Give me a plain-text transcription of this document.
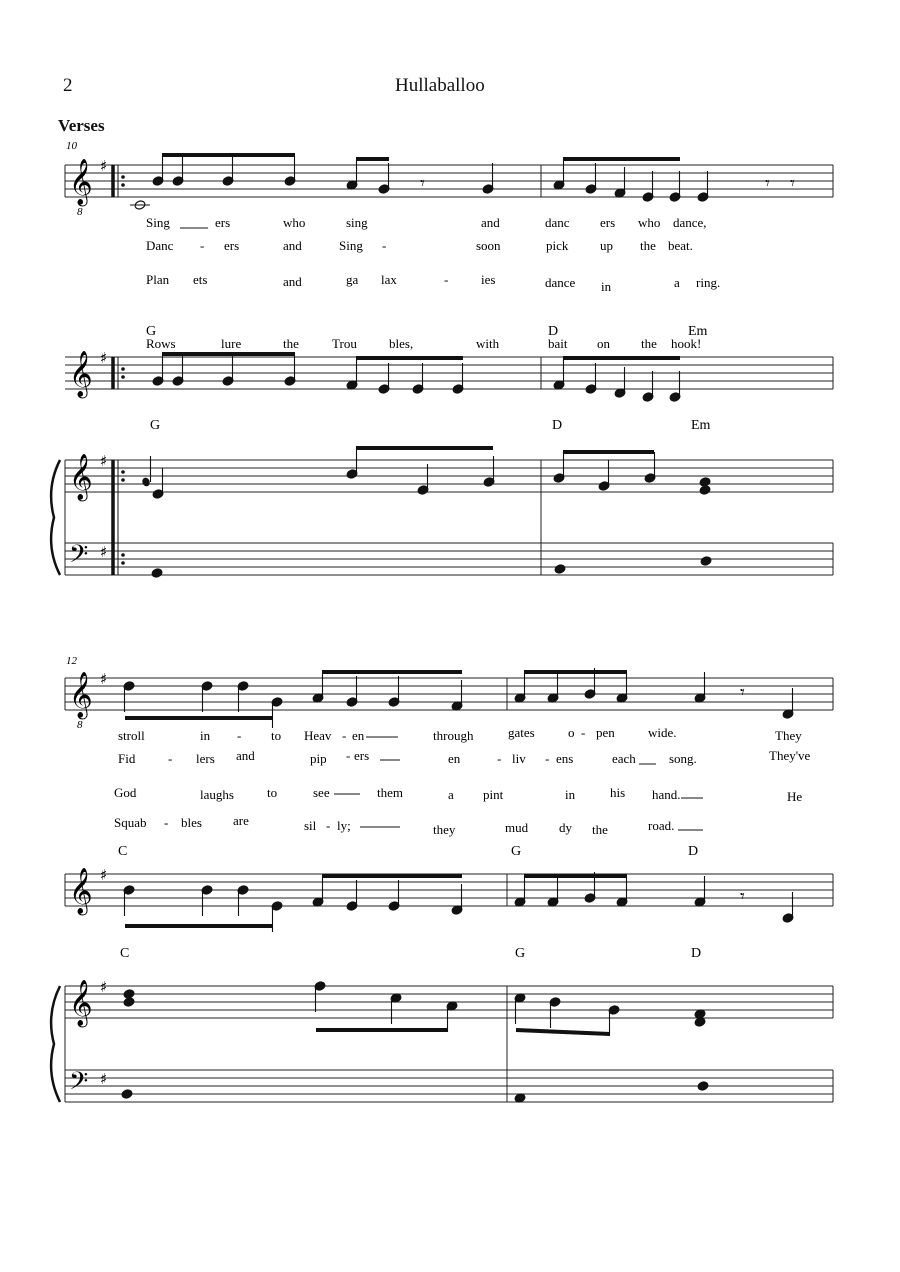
2	Hullaballoo
Verses
10
𝄞
8
𝄞
𝄞
𝄢
♯
♯
♯
♯
𝄾	𝄾 𝄾
Sing	ers	who	sing	and	danc ers who dance,
Danc - ers	and	Sing -	soon	pick up the beat.
Plan ets	and	ga lax	-	ies	dance in	a ring.
Rows	lure	the	Trou bles,	with	bait on the hook!
G	D	Em
G	D	Em
12
𝄞
8
𝄞
𝄞
𝄢
♯
♯
♯
♯
𝄾
𝄾
stroll	in - to Heav - en	through	gates	o - pen	wide.	They
Fid	- lers and	pip - ers	en	- liv - ens	each	song.	They've
God	laughs	to	see	them	a pint	in	his hand.	He
Squab - bles are	sil - ly;	they	mud dy the	road.
C	G	D
C	G	D
